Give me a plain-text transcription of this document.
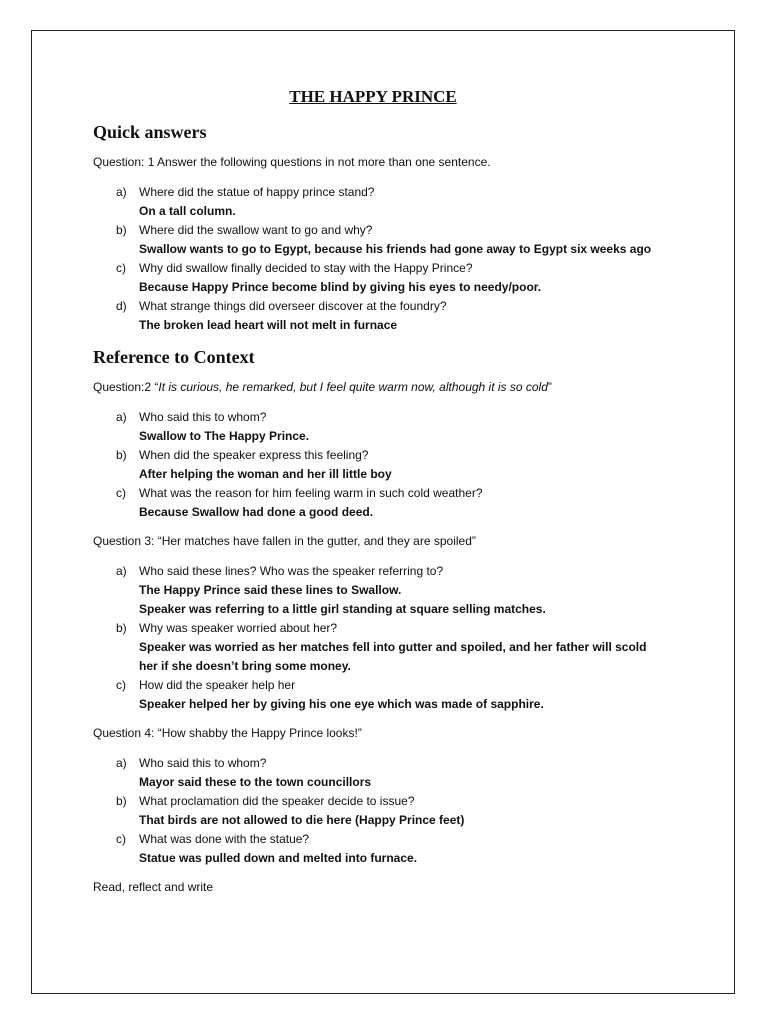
THE HAPPY PRINCE
Quick answers
Question: 1 Answer the following questions in not more than one sentence.
a) Where did the statue of happy prince stand?
On a tall column.
b) Where did the swallow want to go and why?
Swallow wants to go to Egypt, because his friends had gone away to Egypt six weeks ago
c) Why did swallow finally decided to stay with the Happy Prince?
Because Happy Prince become blind by giving his eyes to needy/poor.
d) What strange things did overseer discover at the foundry?
The broken lead heart will not melt in furnace
Reference to Context
Question:2 “It is curious, he remarked, but I feel quite warm now, although it is so cold”
a) Who said this to whom?
Swallow to The Happy Prince.
b) When did the speaker express this feeling?
After helping the woman and her ill little boy
c) What was the reason for him feeling warm in such cold weather?
Because Swallow had done a good deed.
Question 3: “Her matches have fallen in the gutter, and they are spoiled”
a) Who said these lines? Who was the speaker referring to?
The Happy Prince said these lines to Swallow.
Speaker was referring to a little girl standing at square selling matches.
b) Why was speaker worried about her?
Speaker was worried as her matches fell into gutter and spoiled, and her father will scold
her if she doesn’t bring some money.
c) How did the speaker help her
Speaker helped her by giving his one eye which was made of sapphire.
Question 4: “How shabby the Happy Prince looks!”
a) Who said this to whom?
Mayor said these to the town councillors
b) What proclamation did the speaker decide to issue?
That birds are not allowed to die here (Happy Prince feet)
c) What was done with the statue?
Statue was pulled down and melted into furnace.
Read, reflect and write
